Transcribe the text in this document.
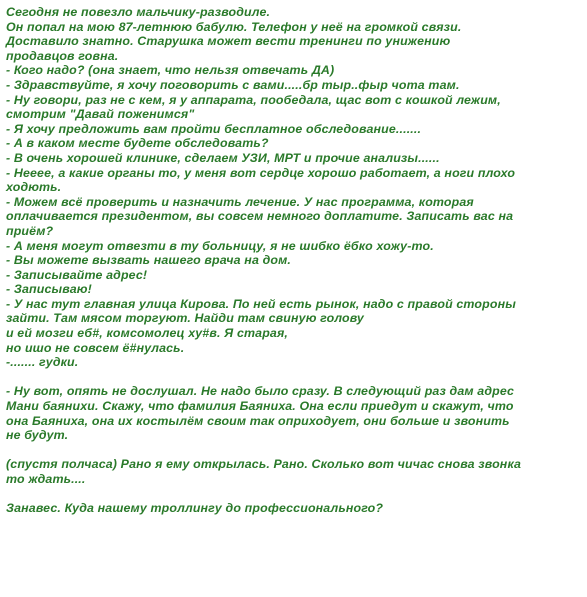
Сегодня не повезло мальчику-разводиле.
Он попал на мою 87-летнюю бабулю. Телефон у неё на громкой связи.
Доставило знатно. Старушка может вести тренинги по унижению
продавцов говна.
- Кого надо? (она знает, что нельзя отвечать ДА)
- Здравствуйте, я хочу поговорить с вами.....бр тыр..фыр чота там.
- Ну говори, раз не с кем, я у аппарата, пообедала, щас вот с кошкой лежим,
смотрим "Давай поженимся"
- Я хочу предложить вам пройти бесплатное обследование.......
- А в каком месте будете обследовать?
- В очень хорошей клинике, сделаем УЗИ, МРТ и прочие анализы......
- Нееее, а какие органы то, у меня вот сердце хорошо работает, а ноги плохо
ходють.
- Можем всё проверить и назначить лечение. У нас программа, которая
оплачивается президентом, вы совсем немного доплатите. Записать вас на
приём?
- А меня могут отвезти в ту больницу, я не шибко ёбко хожу-то.
- Вы можете вызвать нашего врача на дом.
- Записывайте адрес!
- Записываю!
- У нас тут главная улица Кирова. По ней есть рынок, надо с правой стороны
зайти. Там мясом торгуют. Найди там свиную голову
и ей мозги еб#, комсомолец ху#в. Я старая,
но ишо не совсем ё#нулась.
-....... гудки.

- Ну вот, опять не дослушал. Не надо было сразу. В следующий раз дам адрес
Мани баянихи. Скажу, что фамилия Баяниха. Она если приедут и скажут, что
она Баяниха, она их костылём своим так оприходует, они больше и звонить
не будут.

(спустя полчаса) Рано я ему открылась. Рано. Сколько вот чичас снова звонка
то ждать....

Занавес. Куда нашему троллингу до профессионального?
